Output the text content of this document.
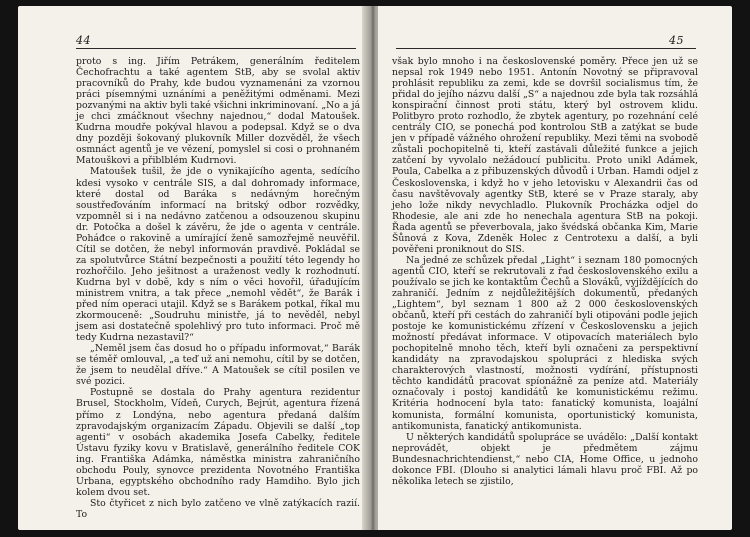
44

proto s ing. Jiřím Petrákem, generálním ředitelem Čechofrachtu a také agentem StB, aby se svolal aktiv pracovníků do Prahy, kde budou vyznamenáni za vzornou práci písemnými uznáními a peněžitými odměnami. Mezi pozvanými na aktiv byli také všichni inkriminovaní. „No a já je chci zmáčknout všechny najednou,“ dodal Matoušek. Kudrna moudře pokýval hlavou a podepsal. Když se o dva dny později šokovaný plukovník Miller dozvěděl, že všech osmnáct agentů je ve vězení, pomyslel si cosi o prohnaném Matouškovi a přiblblém Kudrnovi.

Matoušek tušil, že jde o vynikajícího agenta, sedícího kdesi vysoko v centrále SIS, a dal dohromady informace, které dostal od Baráka s nedávným horečným soustřeďováním informací na britský odbor rozvědky, vzpomněl si i na nedávno zatčenou a odsouzenou skupinu dr. Potočka a došel k závěru, že jde o agenta v centrále. Poháđce o rakovině a umírající ženě samozřejmě neuvěřil. Cítil se dotčen, že nebyl informován pravdivě. Pokládal se za spolutvůrce Státní bezpečnosti a použití této legendy ho rozhořčilo. Jeho ješitnost a uraženost vedly k rozhodnutí. Kudrna byl v době, kdy s ním o věci hovořil, úřadujícím ministrem vnitra, a tak přece „nemohl vědět“, že Barák i před ním operaci utajil. Když se s Barákem potkal, říkal mu zkormouceně: „Soudruhu ministře, já to nevěděl, nebyl jsem asi dostatečně spolehlivý pro tuto informaci. Proč mě tedy Kudrna nezastavil?“

„Neměl jsem čas dosud ho o případu informovat,“ Barák se téměř omlouval, „a teď už ani nemohu, cítil by se dotčen, že jsem to neudělal dříve.“ A Matoušek se cítil posilen ve své pozici.

Postupně se dostala do Prahy agentura rezidentur Brusel, Stockholm, Vídeň, Curych, Bejrút, agentura řízená přímo z Londýna, nebo agentura předaná dalším zpravodajským organizacím Západu. Objevili se další „top agenti“ v osobách akademika Josefa Cabelky, ředitele Ústavu fyziky kovu v Bratislavě, generálního ředitele COK ing. Františka Adámka, náměstka ministra zahraničního obchodu Pouly, synovce prezidenta Novotného Františka Urbana, egyptského obchodního rady Hamdiho. Bylo jich kolem dvou set.

Sto čtyřicet z nich bylo zatčeno ve vlně zatýkacích razií. To

45

však bylo mnoho i na československé poměry. Přece jen už se nepsal rok 1949 nebo 1951. Antonín Novotný se připravoval prohlásit republiku za zemi, kde se dovršil socialismus tím, že přidal do jejího názvu další „S“ a najednou zde byla tak rozsáhlá konspirační činnost proti státu, který byl ostrovem klidu. Politbyro proto rozhodlo, že zbytek agentury, po rozehnání celé centrály CIO, se ponechá pod kontrolou StB a zatýkat se bude jen v případě vážného ohrožení republiky. Mezi těmi na svobodě zůstali pochopitelně ti, kteří zastávali důležité funkce a jejich zatčení by vyvolalo nežádoucí publicitu. Proto unikl Adámek, Poula, Cabelka a z přibuzenských důvodů i Urban. Hamdi odjel z Československa, i když ho v jeho letovisku v Alexandrii čas od času navštěvovaly agentky StB, které se v Praze staraly, aby jeho lože nikdy nevychladlo. Plukovník Procházka odjel do Rhodesie, ale ani zde ho nenechala agentura StB na pokoji. Řada agentů se převerbovala, jako švédská občanka Kim, Marie Šůnová z Kova, Zdeněk Holec z Centrotexu a další, a byli pověřeni proniknout do SIS.

Na jedné ze schůzek předal „Light“ i seznam 180 pomocných agentů CIO, kteří se rekrutovali z řad československého exilu a používalo se jich ke kontaktům Čechů a Slováků, vyjíždějících do zahraničí. Jedním z nejdůležitějších dokumentů, předaných „Lightem“, byl seznam 1 800 až 2 000 československých občanů, kteří při cestách do zahraničí byli otipováni podle jejich postoje ke komunistickému zřízení v Československu a jejich možností předávat informace. V otipovacích materiálech bylo pochopitelně mnoho těch, kteří byli označeni za perspektivní kandidáty na zpravodajskou spolupráci z hlediska svých charakterových vlastností, možnosti vydírání, přístupnosti těchto kandidátů pracovat spíonážně za peníze atd. Materiály označovaly i postoj kandidátů ke komunistickému režimu. Kritéria hodnocení byla tato: fanatický komunista, loajální komunista, formální komunista, oportunistický komunista, antikomunista, fanatický antikomunista.

U některých kandidátů spolupráce se uvádělo: „Další kontakt neprovádět, objekt je předmětem zájmu Bundesnachrichtendienst,“ nebo CIA, Home Office, u jednoho dokonce FBI. (Dlouho si analytici lámali hlavu proč FBI. Až po několika letech se zjistilo,
